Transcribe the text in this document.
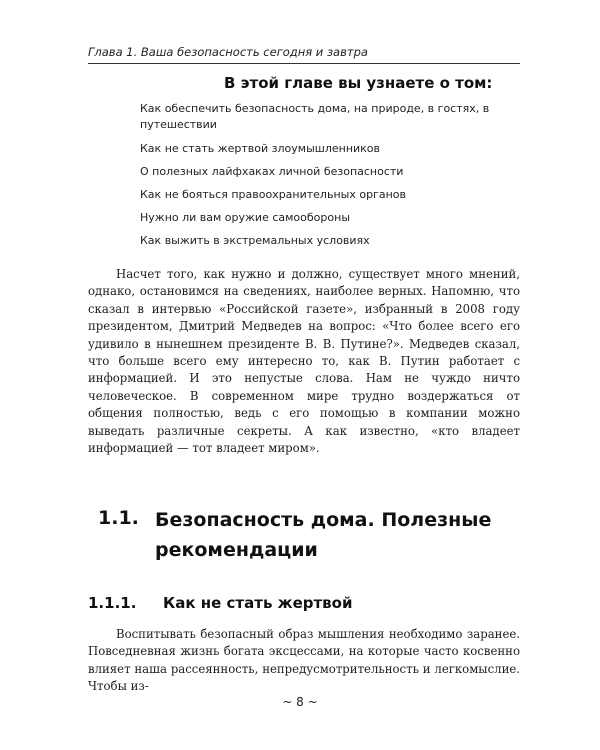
Глава 1. Ваша безопасность сегодня и завтра
В этой главе вы узнаете о том:
Как обеспечить безопасность дома, на природе, в гостях, в путешествии
Как не стать жертвой злоумышленников
О полезных лайфхаках личной безопасности
Как не бояться правоохранительных органов
Нужно ли вам оружие самообороны
Как выжить в экстремальных условиях
Насчет того, как нужно и должно, существует много мнений, однако, остановимся на сведениях, наиболее верных. Напомню, что сказал в интервью «Российской газете», избранный в 2008 году президентом, Дмитрий Медведев на вопрос: «Что более всего его удивило в нынешнем президенте В. В. Путине?». Медведев сказал, что больше всего ему интересно то, как В. Путин работает с информацией. И это непустые слова. Нам не чуждо ничто человеческое. В современном мире трудно воздержаться от общения полностью, ведь с его помощью в компании можно выведать различные секреты. А как известно, «кто владеет информацией — тот владеет миром».
1.1. Безопасность дома. Полезные рекомендации
1.1.1. Как не стать жертвой
Воспитывать безопасный образ мышления необходимо заранее. Повседневная жизнь богата эксцессами, на которые часто косвенно влияет наша рассеянность, непредусмотрительность и легкомыслие. Чтобы из-
~ 8 ~
